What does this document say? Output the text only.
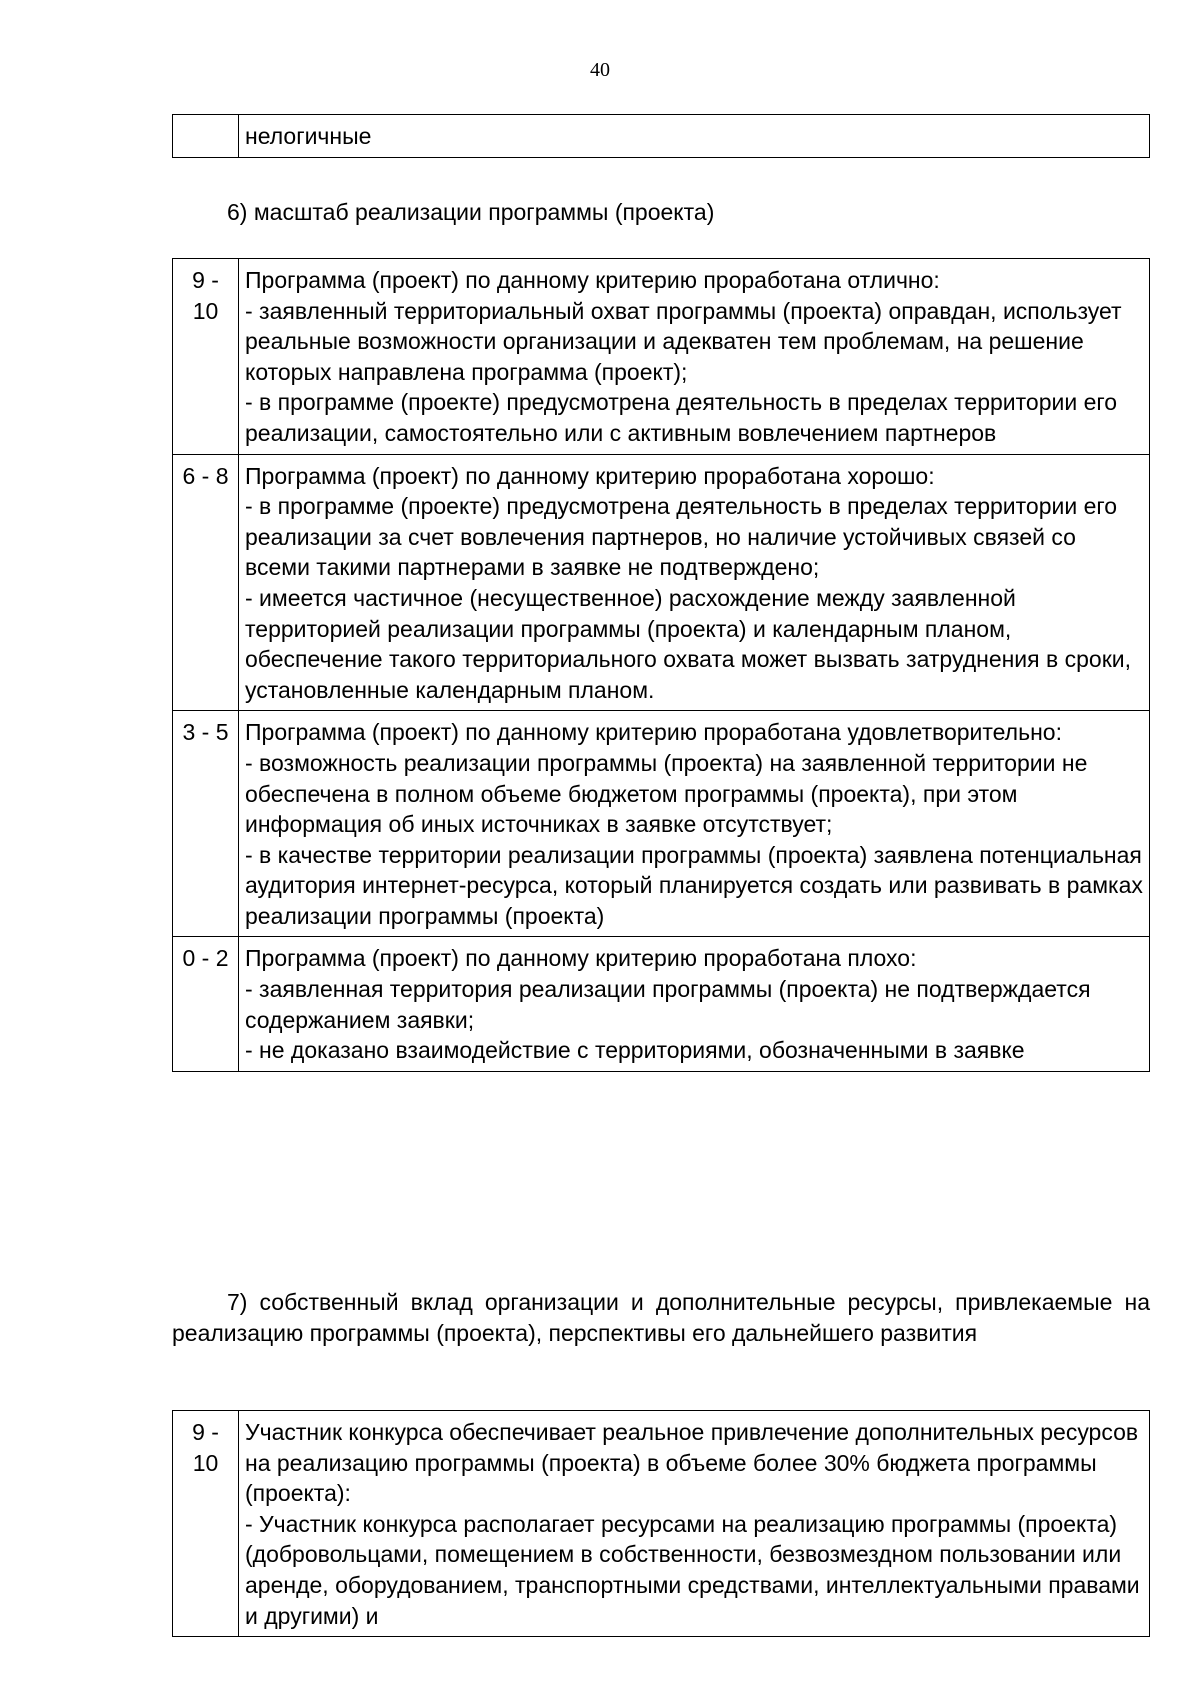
40
	нелогичные
6) масштаб реализации программы (проекта)
9 -
10	Программа (проект) по данному критерию проработана отлично:
- заявленный территориальный охват программы (проекта) оправдан, использует реальные возможности организации и адекватен тем проблемам, на решение которых направлена программа (проект);
- в программе (проекте) предусмотрена деятельность в пределах территории его реализации, самостоятельно или с активным вовлечением партнеров
6 - 8	Программа (проект) по данному критерию проработана хорошо:
- в программе (проекте) предусмотрена деятельность в пределах территории его реализации за счет вовлечения партнеров, но наличие устойчивых связей со всеми такими партнерами в заявке не подтверждено;
- имеется частичное (несущественное) расхождение между заявленной территорией реализации программы (проекта) и календарным планом, обеспечение такого территориального охвата может вызвать затруднения в сроки, установленные календарным планом.
3 - 5	Программа (проект) по данному критерию проработана удовлетворительно:
- возможность реализации программы (проекта) на заявленной территории не обеспечена в полном объеме бюджетом программы (проекта), при этом информация об иных источниках в заявке отсутствует;
- в качестве территории реализации программы (проекта) заявлена потенциальная аудитория интернет-ресурса, который планируется создать или развивать в рамках реализации программы (проекта)
0 - 2	Программа (проект) по данному критерию проработана плохо:
- заявленная территория реализации программы (проекта) не подтверждается содержанием заявки;
- не доказано взаимодействие с территориями, обозначенными в заявке
7) собственный вклад организации и дополнительные ресурсы, привлекаемые на реализацию программы (проекта), перспективы его дальнейшего развития
9 -
10	Участник конкурса обеспечивает реальное привлечение дополнительных ресурсов на реализацию программы (проекта) в объеме более 30% бюджета программы (проекта):
- Участник конкурса располагает ресурсами на реализацию программы (проекта) (добровольцами, помещением в собственности, безвозмездном пользовании или аренде, оборудованием, транспортными средствами, интеллектуальными правами и другими) и
